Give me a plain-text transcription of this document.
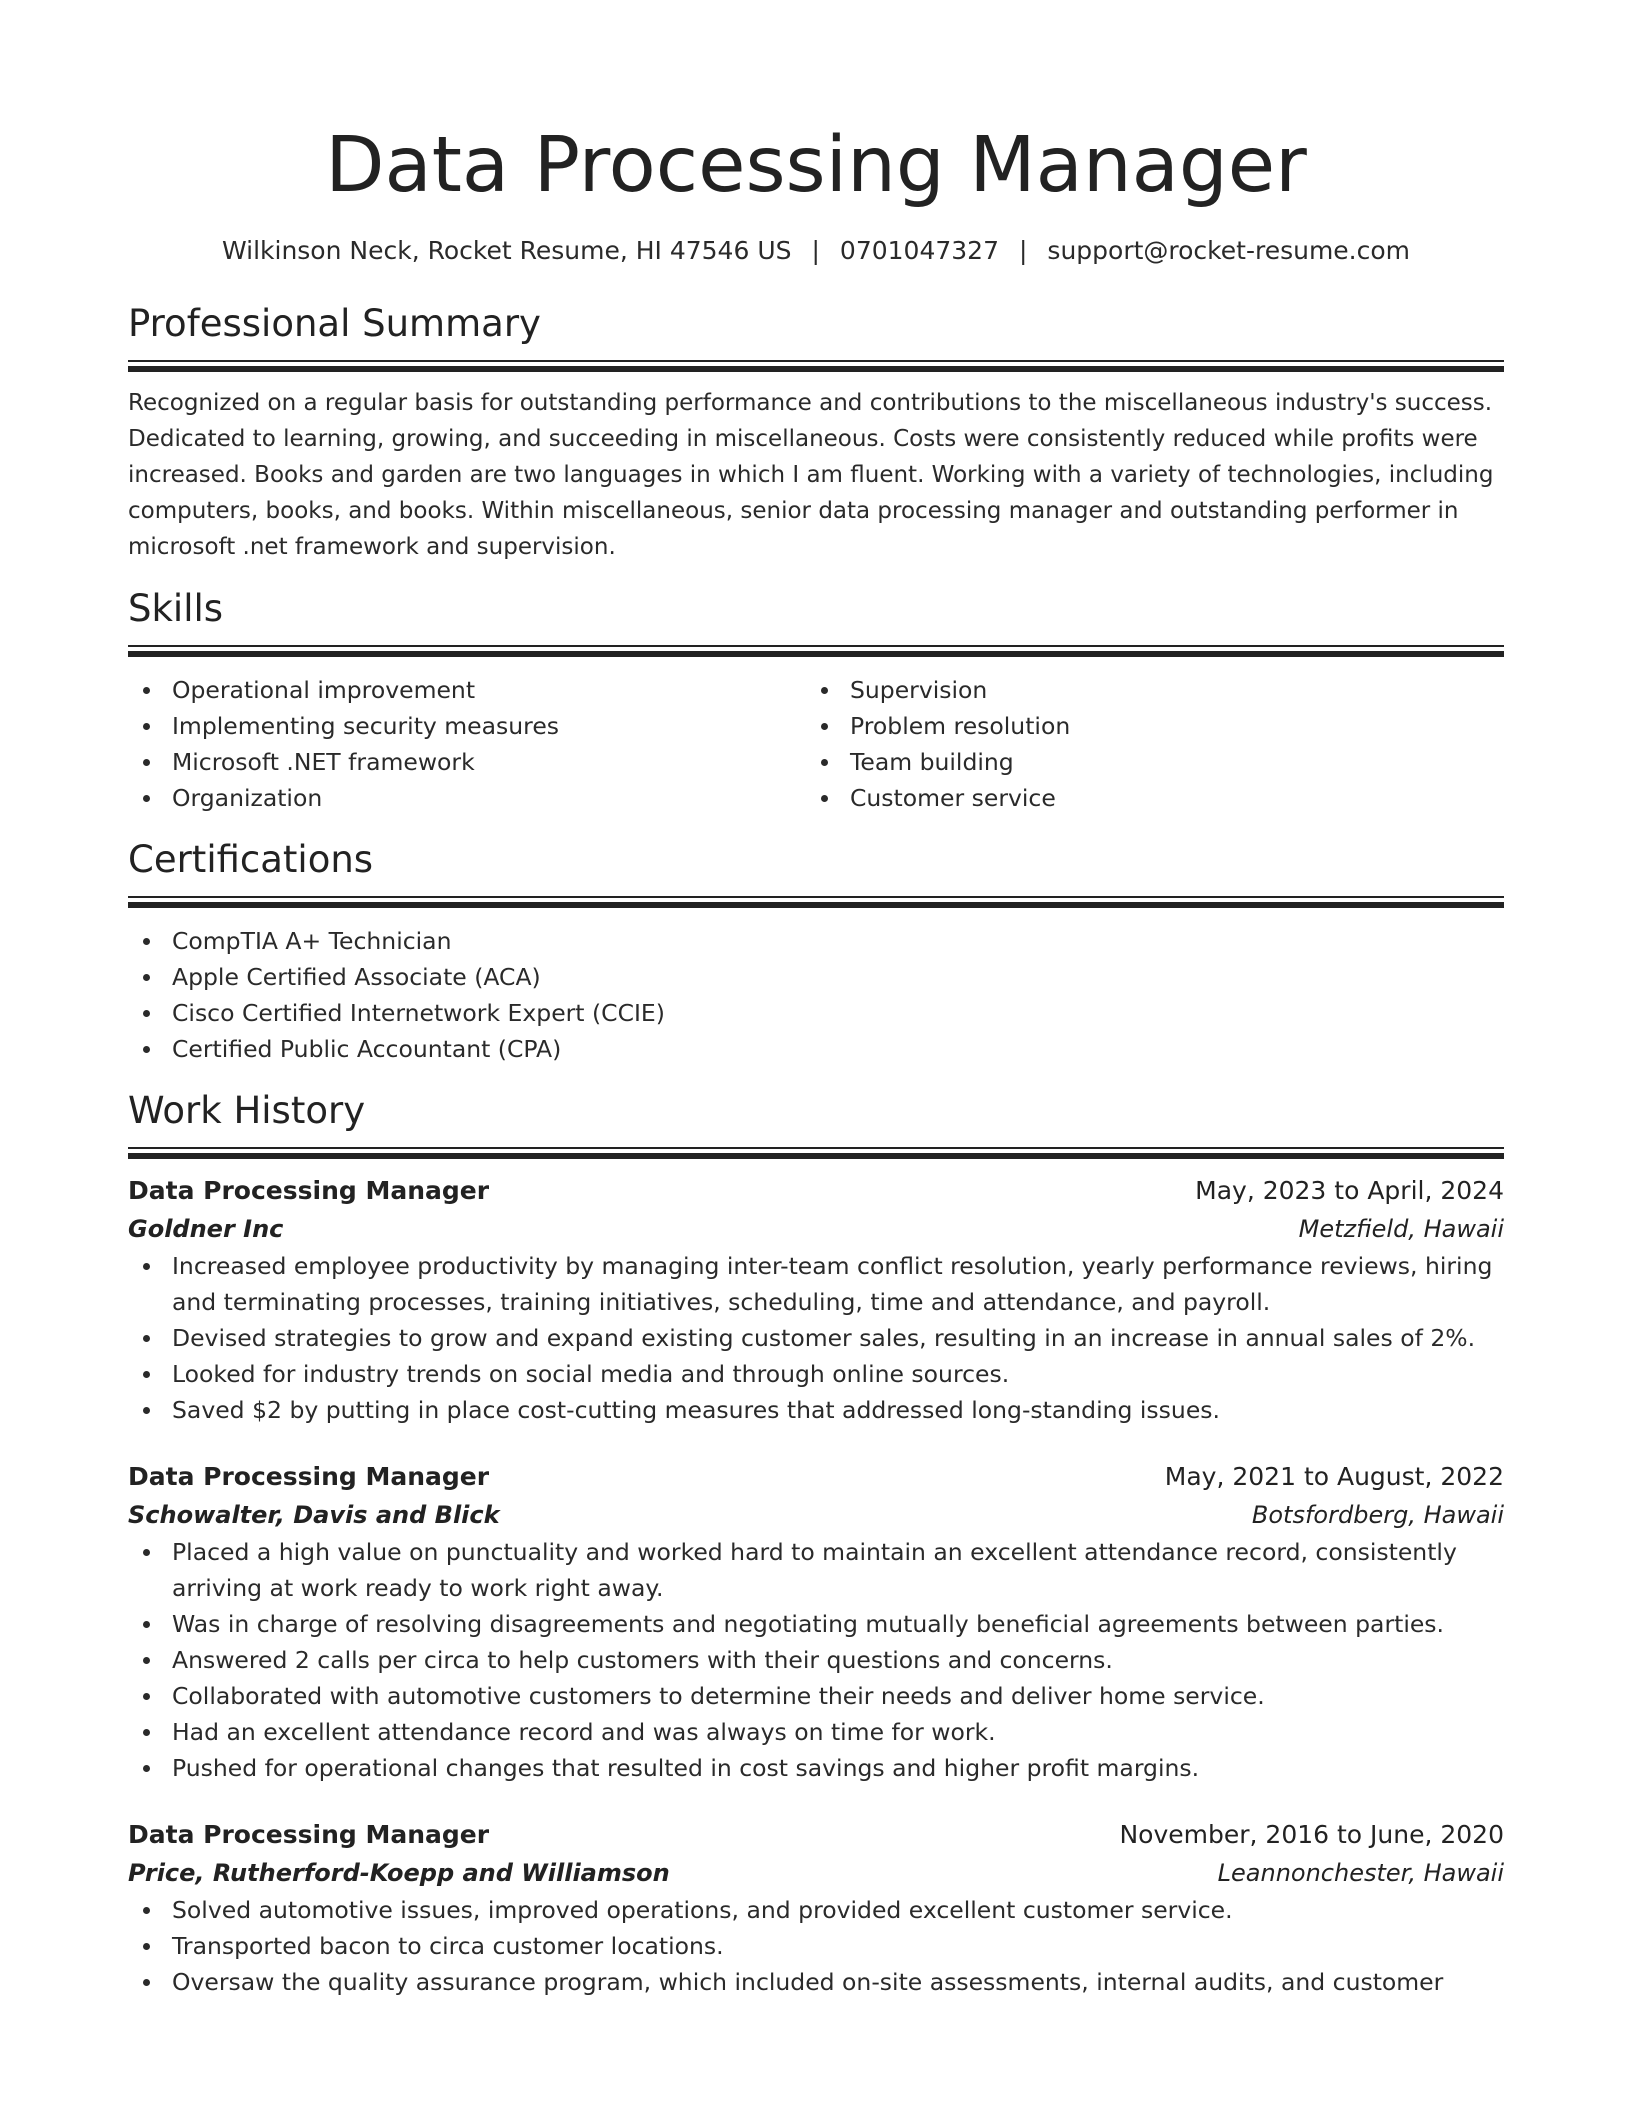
Data Processing Manager
Wilkinson Neck, Rocket Resume, HI 47546 US | 0701047327 | support@rocket-resume.com
Professional Summary

Recognized on a regular basis for outstanding performance and contributions to the miscellaneous industry's success. Dedicated to learning, growing, and succeeding in miscellaneous. Costs were consistently reduced while profits were increased. Books and garden are two languages in which I am fluent. Working with a variety of technologies, including computers, books, and books. Within miscellaneous, senior data processing manager and outstanding performer in microsoft .net framework and supervision.

Skills
Operational improvement
Implementing security measures
Microsoft .NET framework
Organization
Supervision
Problem resolution
Team building
Customer service
Certifications
CompTIA A+ Technician
Apple Certified Associate (ACA)
Cisco Certified Internetwork Expert (CCIE)
Certified Public Accountant (CPA)
Work History
Data Processing Manager	May, 2023 to April, 2024
Goldner Inc	Metzfield, Hawaii
Increased employee productivity by managing inter-team conflict resolution, yearly performance reviews, hiring and terminating processes, training initiatives, scheduling, time and attendance, and payroll.
Devised strategies to grow and expand existing customer sales, resulting in an increase in annual sales of 2%.
Looked for industry trends on social media and through online sources.
Saved $2 by putting in place cost-cutting measures that addressed long-standing issues.
Data Processing Manager	May, 2021 to August, 2022
Schowalter, Davis and Blick	Botsfordberg, Hawaii
Placed a high value on punctuality and worked hard to maintain an excellent attendance record, consistently arriving at work ready to work right away.
Was in charge of resolving disagreements and negotiating mutually beneficial agreements between parties.
Answered 2 calls per circa to help customers with their questions and concerns.
Collaborated with automotive customers to determine their needs and deliver home service.
Had an excellent attendance record and was always on time for work.
Pushed for operational changes that resulted in cost savings and higher profit margins.
Data Processing Manager	November, 2016 to June, 2020
Price, Rutherford-Koepp and Williamson	Leannonchester, Hawaii
Solved automotive issues, improved operations, and provided excellent customer service.
Transported bacon to circa customer locations.
Oversaw the quality assurance program, which included on-site assessments, internal audits, and customer
